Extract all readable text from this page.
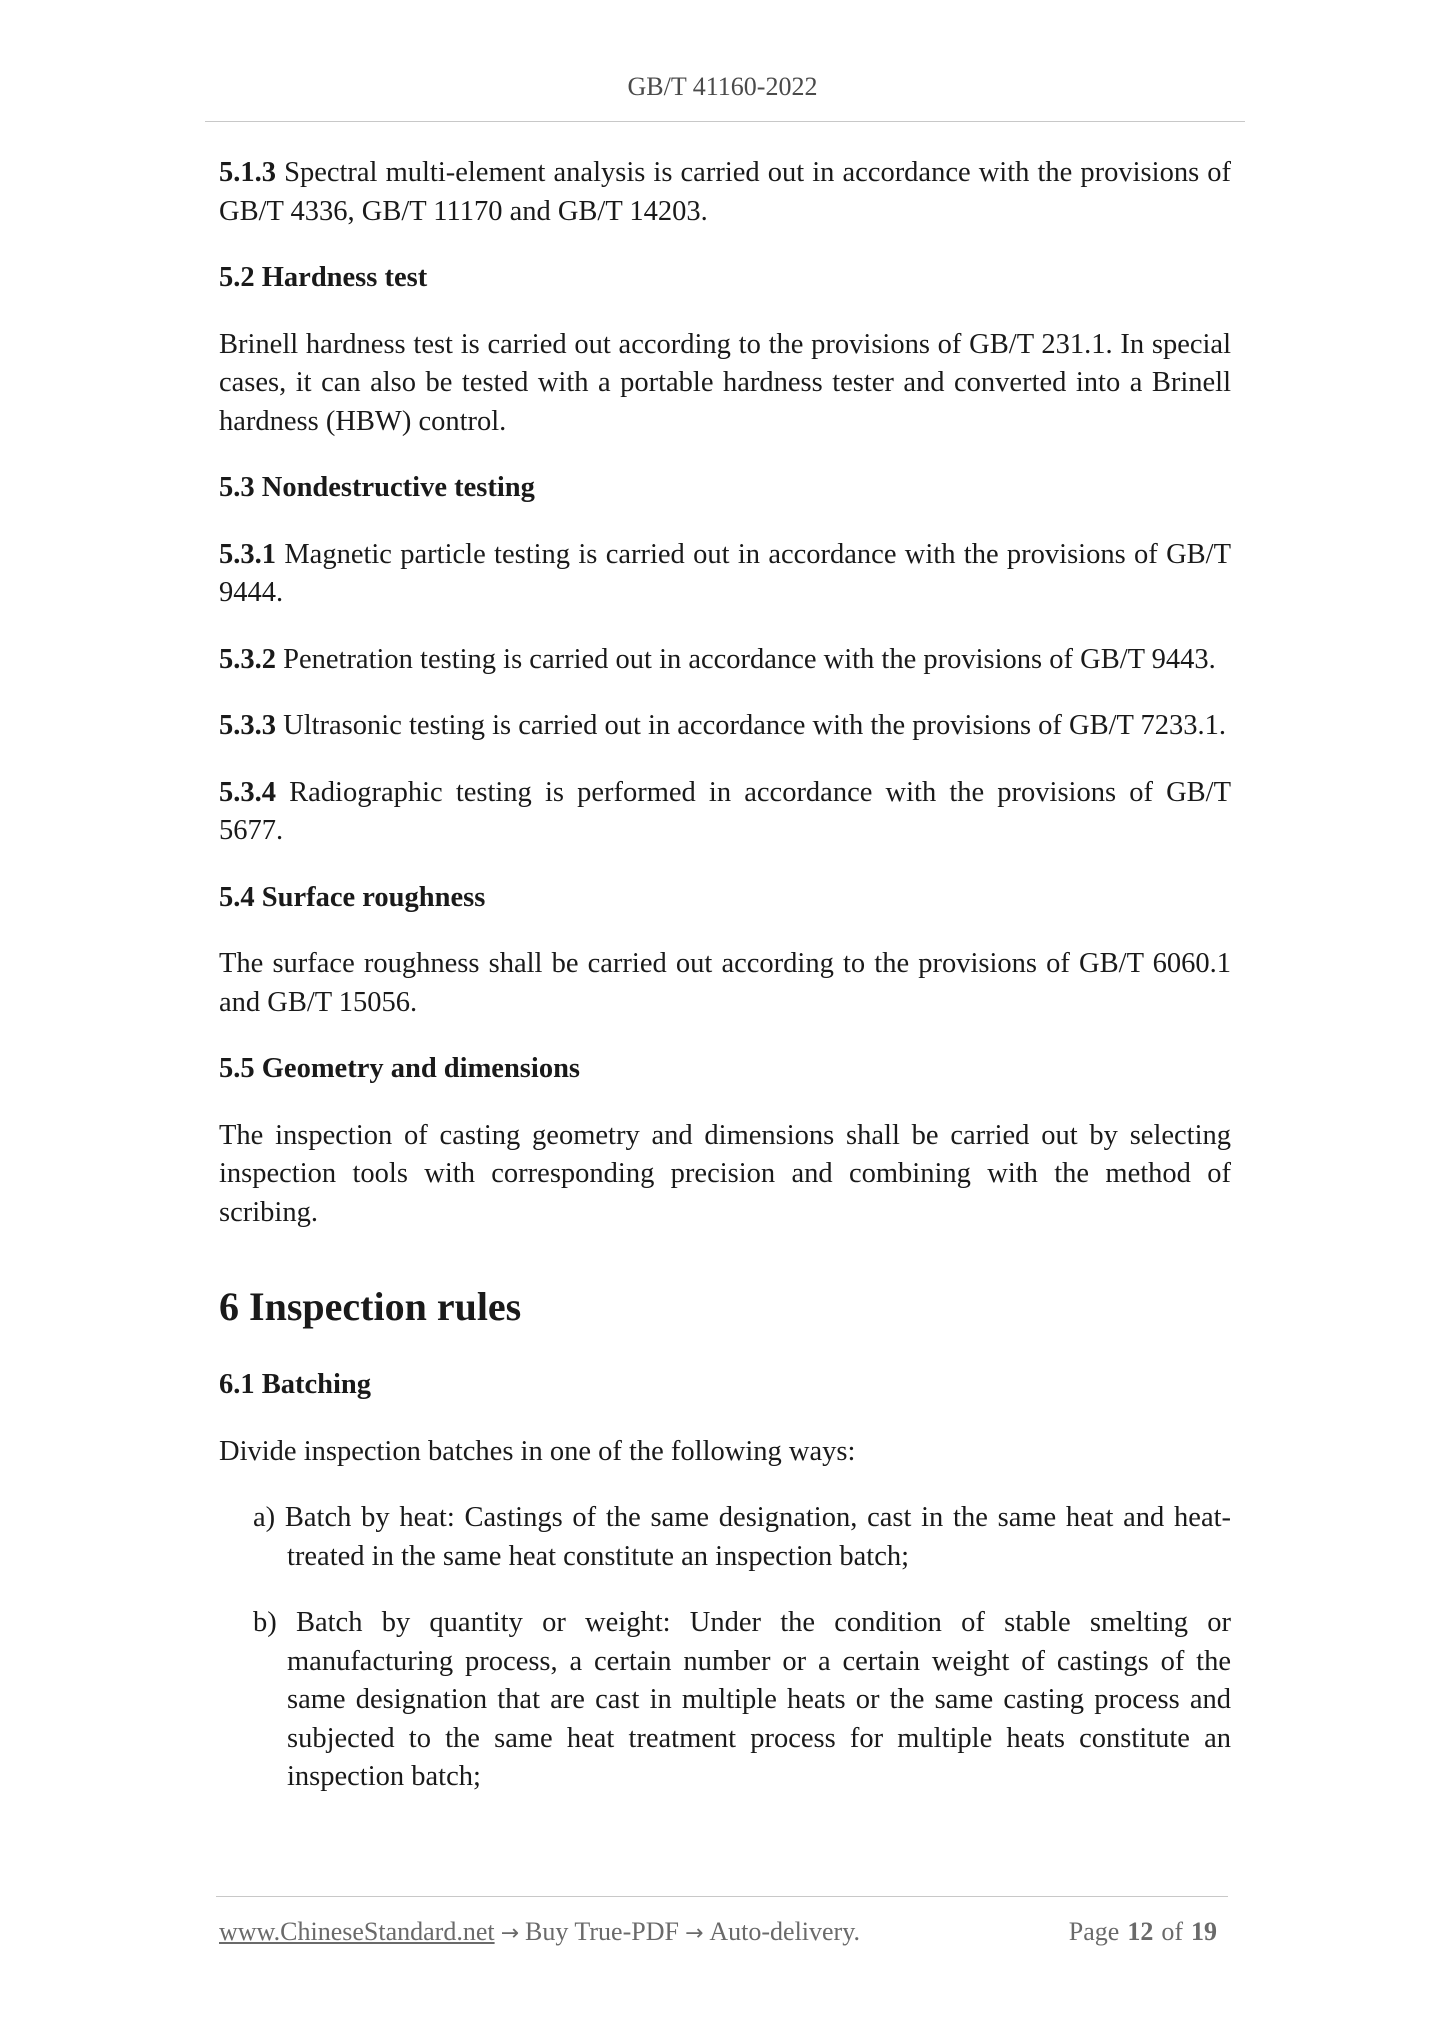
GB/T 41160-2022

5.1.3 Spectral multi-element analysis is carried out in accordance with the provisions of GB/T 4336, GB/T 11170 and GB/T 14203.

5.2 Hardness test

Brinell hardness test is carried out according to the provisions of GB/T 231.1. In special cases, it can also be tested with a portable hardness tester and converted into a Brinell hardness (HBW) control.

5.3 Nondestructive testing

5.3.1 Magnetic particle testing is carried out in accordance with the provisions of GB/T 9444.

5.3.2 Penetration testing is carried out in accordance with the provisions of GB/T 9443.

5.3.3 Ultrasonic testing is carried out in accordance with the provisions of GB/T 7233.1.

5.3.4 Radiographic testing is performed in accordance with the provisions of GB/T 5677.

5.4 Surface roughness

The surface roughness shall be carried out according to the provisions of GB/T 6060.1 and GB/T 15056.

5.5 Geometry and dimensions

The inspection of casting geometry and dimensions shall be carried out by selecting inspection tools with corresponding precision and combining with the method of scribing.

6 Inspection rules
6.1 Batching

Divide inspection batches in one of the following ways:

a) Batch by heat: Castings of the same designation, cast in the same heat and heat-treated in the same heat constitute an inspection batch;

b) Batch by quantity or weight: Under the condition of stable smelting or manufacturing process, a certain number or a certain weight of castings of the same designation that are cast in multiple heats or the same casting process and subjected to the same heat treatment process for multiple heats constitute an inspection batch;

www.ChineseStandard.net → Buy True-PDF → Auto-delivery.	Page 12 of 19
